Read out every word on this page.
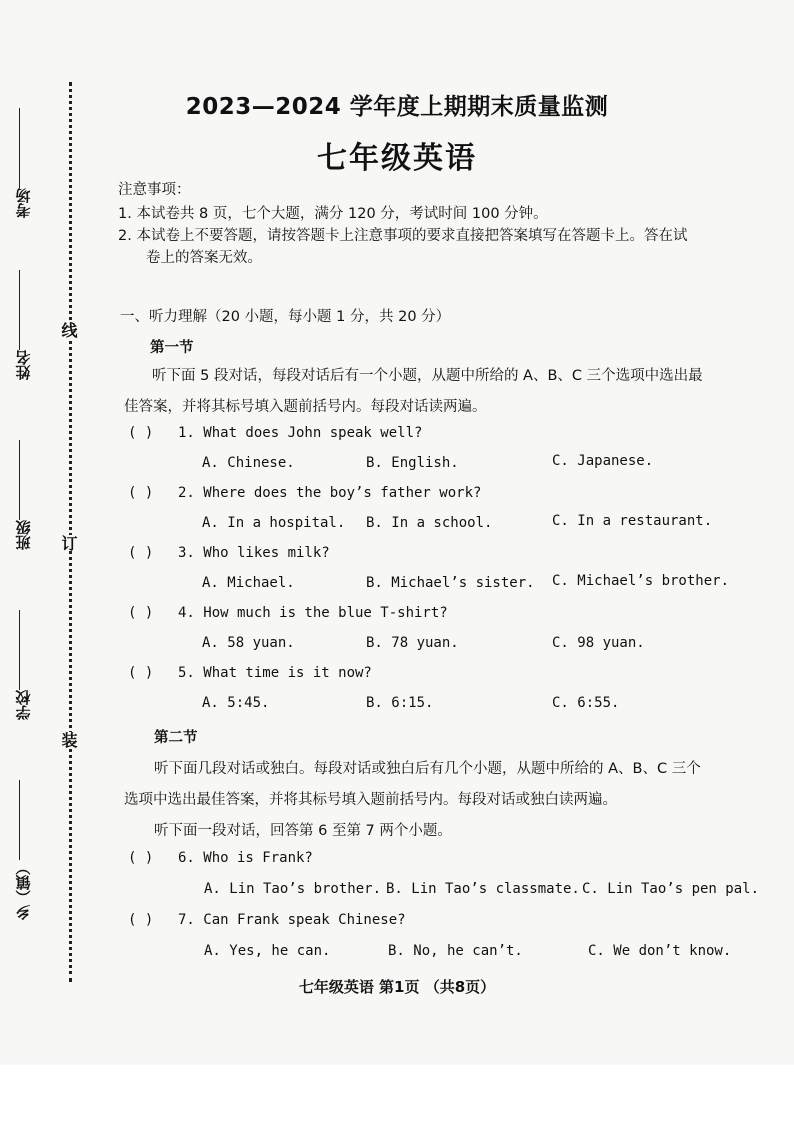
线
订
装
考场
姓名
班级
学校
乡（镇）
2023—2024 学年度上期期末质量监测
七年级英语
注意事项：
1. 本试卷共 8 页，七个大题，满分 120 分，考试时间 100 分钟。
2. 本试卷上不要答题，请按答题卡上注意事项的要求直接把答案填写在答题卡上。答在试
卷上的答案无效。
一、听力理解（20 小题，每小题 1 分，共 20 分）
第一节
听下面 5 段对话，每段对话后有一个小题，从题中所给的 A、B、C 三个选项中选出最
佳答案，并将其标号填入题前括号内。每段对话读两遍。
( ) 1. What does John speak well?
A. Chinese.	B. English.	C. Japanese.
( ) 2. Where does the boy’s father work?
A. In a hospital. B. In a school.	C. In a restaurant.
( ) 3. Who likes milk?
A. Michael.	B. Michael’s sister. C. Michael’s brother.
( ) 4. How much is the blue T-shirt?
A. 58 yuan.	B. 78 yuan.	C. 98 yuan.
( ) 5. What time is it now?
A. 5:45.	B. 6:15.	C. 6:55.
第二节
听下面几段对话或独白。每段对话或独白后有几个小题，从题中所给的 A、B、C 三个
选项中选出最佳答案，并将其标号填入题前括号内。每段对话或独白读两遍。
听下面一段对话，回答第 6 至第 7 两个小题。
( ) 6. Who is Frank?
A. Lin Tao’s brother. B. Lin Tao’s classmate. C. Lin Tao’s pen pal.
( ) 7. Can Frank speak Chinese?
A. Yes, he can.	B. No, he can’t.	C. We don’t know.
七年级英语 第1页 （共8页）
